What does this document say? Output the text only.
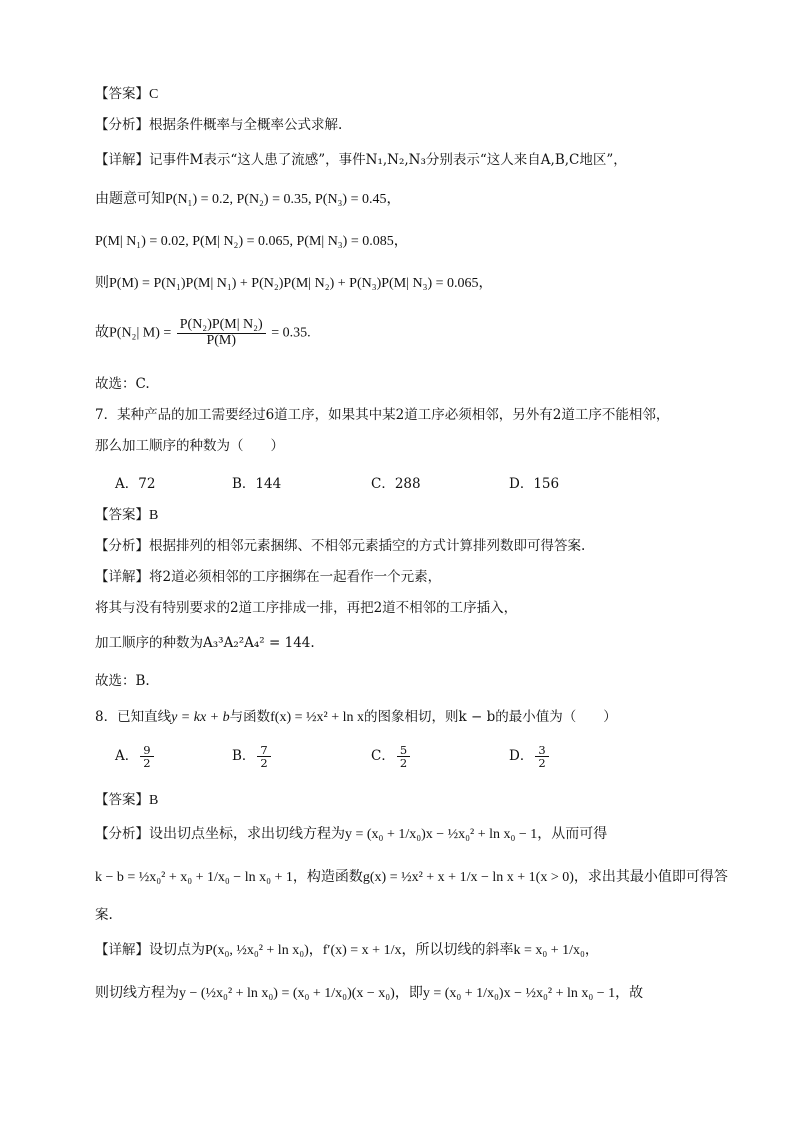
【答案】C
【分析】根据条件概率与全概率公式求解.
【详解】记事件M表示“这人患了流感”，事件N₁,N₂,N₃分别表示“这人来自A,B,C地区”，
由题意可知P(N₁) = 0.2, P(N₂) = 0.35, P(N₃) = 0.45，
P(M| N₁) = 0.02, P(M| N₂) = 0.065, P(M| N₃) = 0.085，
则P(M) = P(N₁)P(M| N₁) + P(N₂)P(M| N₂) + P(N₃)P(M| N₃) = 0.065，
故P(N₂| $M) = \frac{\text{P(N₂)P(M| N₂)}}{P(M)} = 0.35$.
故选：C.
7．某种产品的加工需要经过6道工序，如果其中某2道工序必须相邻，另外有2道工序不能相邻，
那么加工顺序的种数为（　　）
A．72	B．144	C．288	D．156
【答案】B
【分析】根据排列的相邻元素捆绑、不相邻元素插空的方式计算排列数即可得答案.
【详解】将2道必须相邻的工序捆绑在一起看作一个元素，
将其与没有特别要求的2道工序排成一排，再把2道不相邻的工序插入，
加工顺序的种数为A₃³A₂²A₄² = 144.
故选：B.
8．已知直线y = kx + b与函数f(x) = ½x² + ln x的图象相切，则k − b的最小值为（　　）
A． $\frac{9}{2}$	B． $\frac{7}{2}$	C． $\frac{5}{2}$	D． $\frac{3}{2}$
【答案】B
【分析】设出切点坐标，求出切线方程为y = (x₀ + 1/x₀)x − ½x₀² + ln x₀ − 1，从而可得
k − b = ½x₀² + x₀ + 1/x₀ − ln x₀ + 1，构造函数g(x) = ½x² + x + 1/x − ln x + 1(x > 0)，求出其最小值即可得答
案.
【详解】设切点为P(x₀, ½x₀² + ln x₀)，f′(x) = x + 1/x，所以切线的斜率k = x₀ + 1/x₀，
则切线方程为y − (½x₀² + ln x₀) = (x₀ + 1/x₀)(x − x₀)，即y = (x₀ + 1/x₀)x − ½x₀² + ln x₀ − 1，故
